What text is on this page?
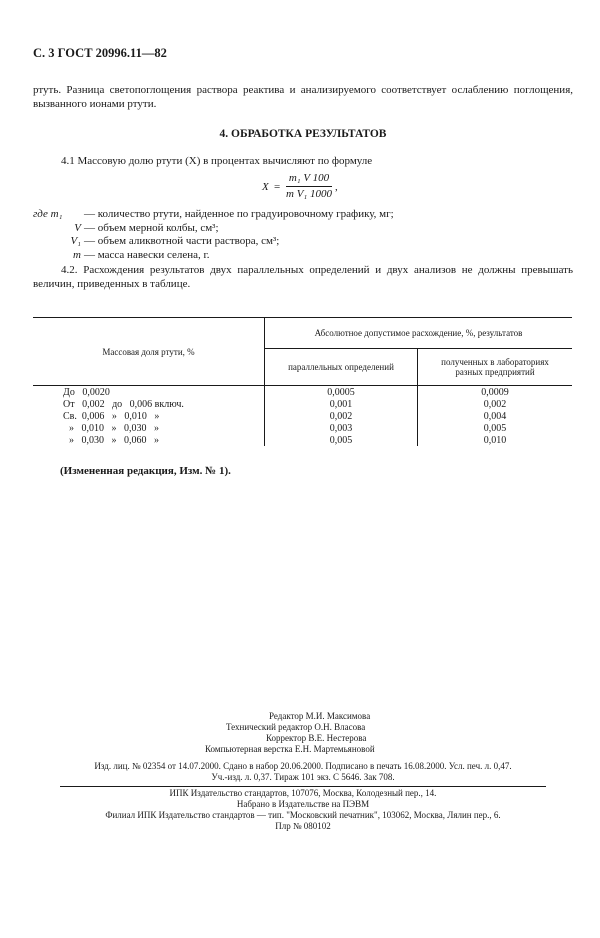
С. 3 ГОСТ 20996.11—82
ртуть. Разница светопоглощения раствора реактива и анализируемого соответствует ослаблению поглощения, вызванного ионами ртути.
4. ОБРАБОТКА РЕЗУЛЬТАТОВ
4.1 Массовую долю ртути (X) в процентах вычисляют по формуле
X =
m₁ V 100
m V₁ 1000
,
где m₁ — количество ртути, найденное по градуировочному графику, мг;
V — объем мерной колбы, см³;
V₁ — объем аликвотной части раствора, см³;
m — масса навески селена, г.
4.2. Расхождения результатов двух параллельных определений и двух анализов не должны превышать величин, приведенных в таблице.
Массовая доля ртути, %	Абсолютное допустимое расхождение, %, результатов	
	параллельных определений	полученных в лабораториях разных предприятий
До   0,0020	0,0005	0,0009
От   0,002   до   0,006 включ.	0,001	0,002
Св.  0,006   »   0,010   »	0,002	0,004
»   0,010   »   0,030   »	0,003	0,005
»   0,030   »   0,060   »	0,005	0,010
(Измененная редакция, Изм. № 1).
Редактор М.И. Максимова
Технический редактор О.Н. Власова
Корректор В.Е. Нестерова
Компьютерная верстка Е.Н. Мартемьяновой
Изд. лиц. № 02354 от 14.07.2000. Сдано в набор 20.06.2000. Подписано в печать 16.08.2000. Усл. печ. л. 0,47.
Уч.-изд. л. 0,37. Тираж 101 экз. С 5646. Зак 708.
ИПК Издательство стандартов, 107076, Москва, Колодезный пер., 14.
Набрано в Издательстве на ПЭВМ
Филиал ИПК Издательство стандартов — тип. "Московский печатник", 103062, Москва, Лялин пер., 6.
Плр № 080102
